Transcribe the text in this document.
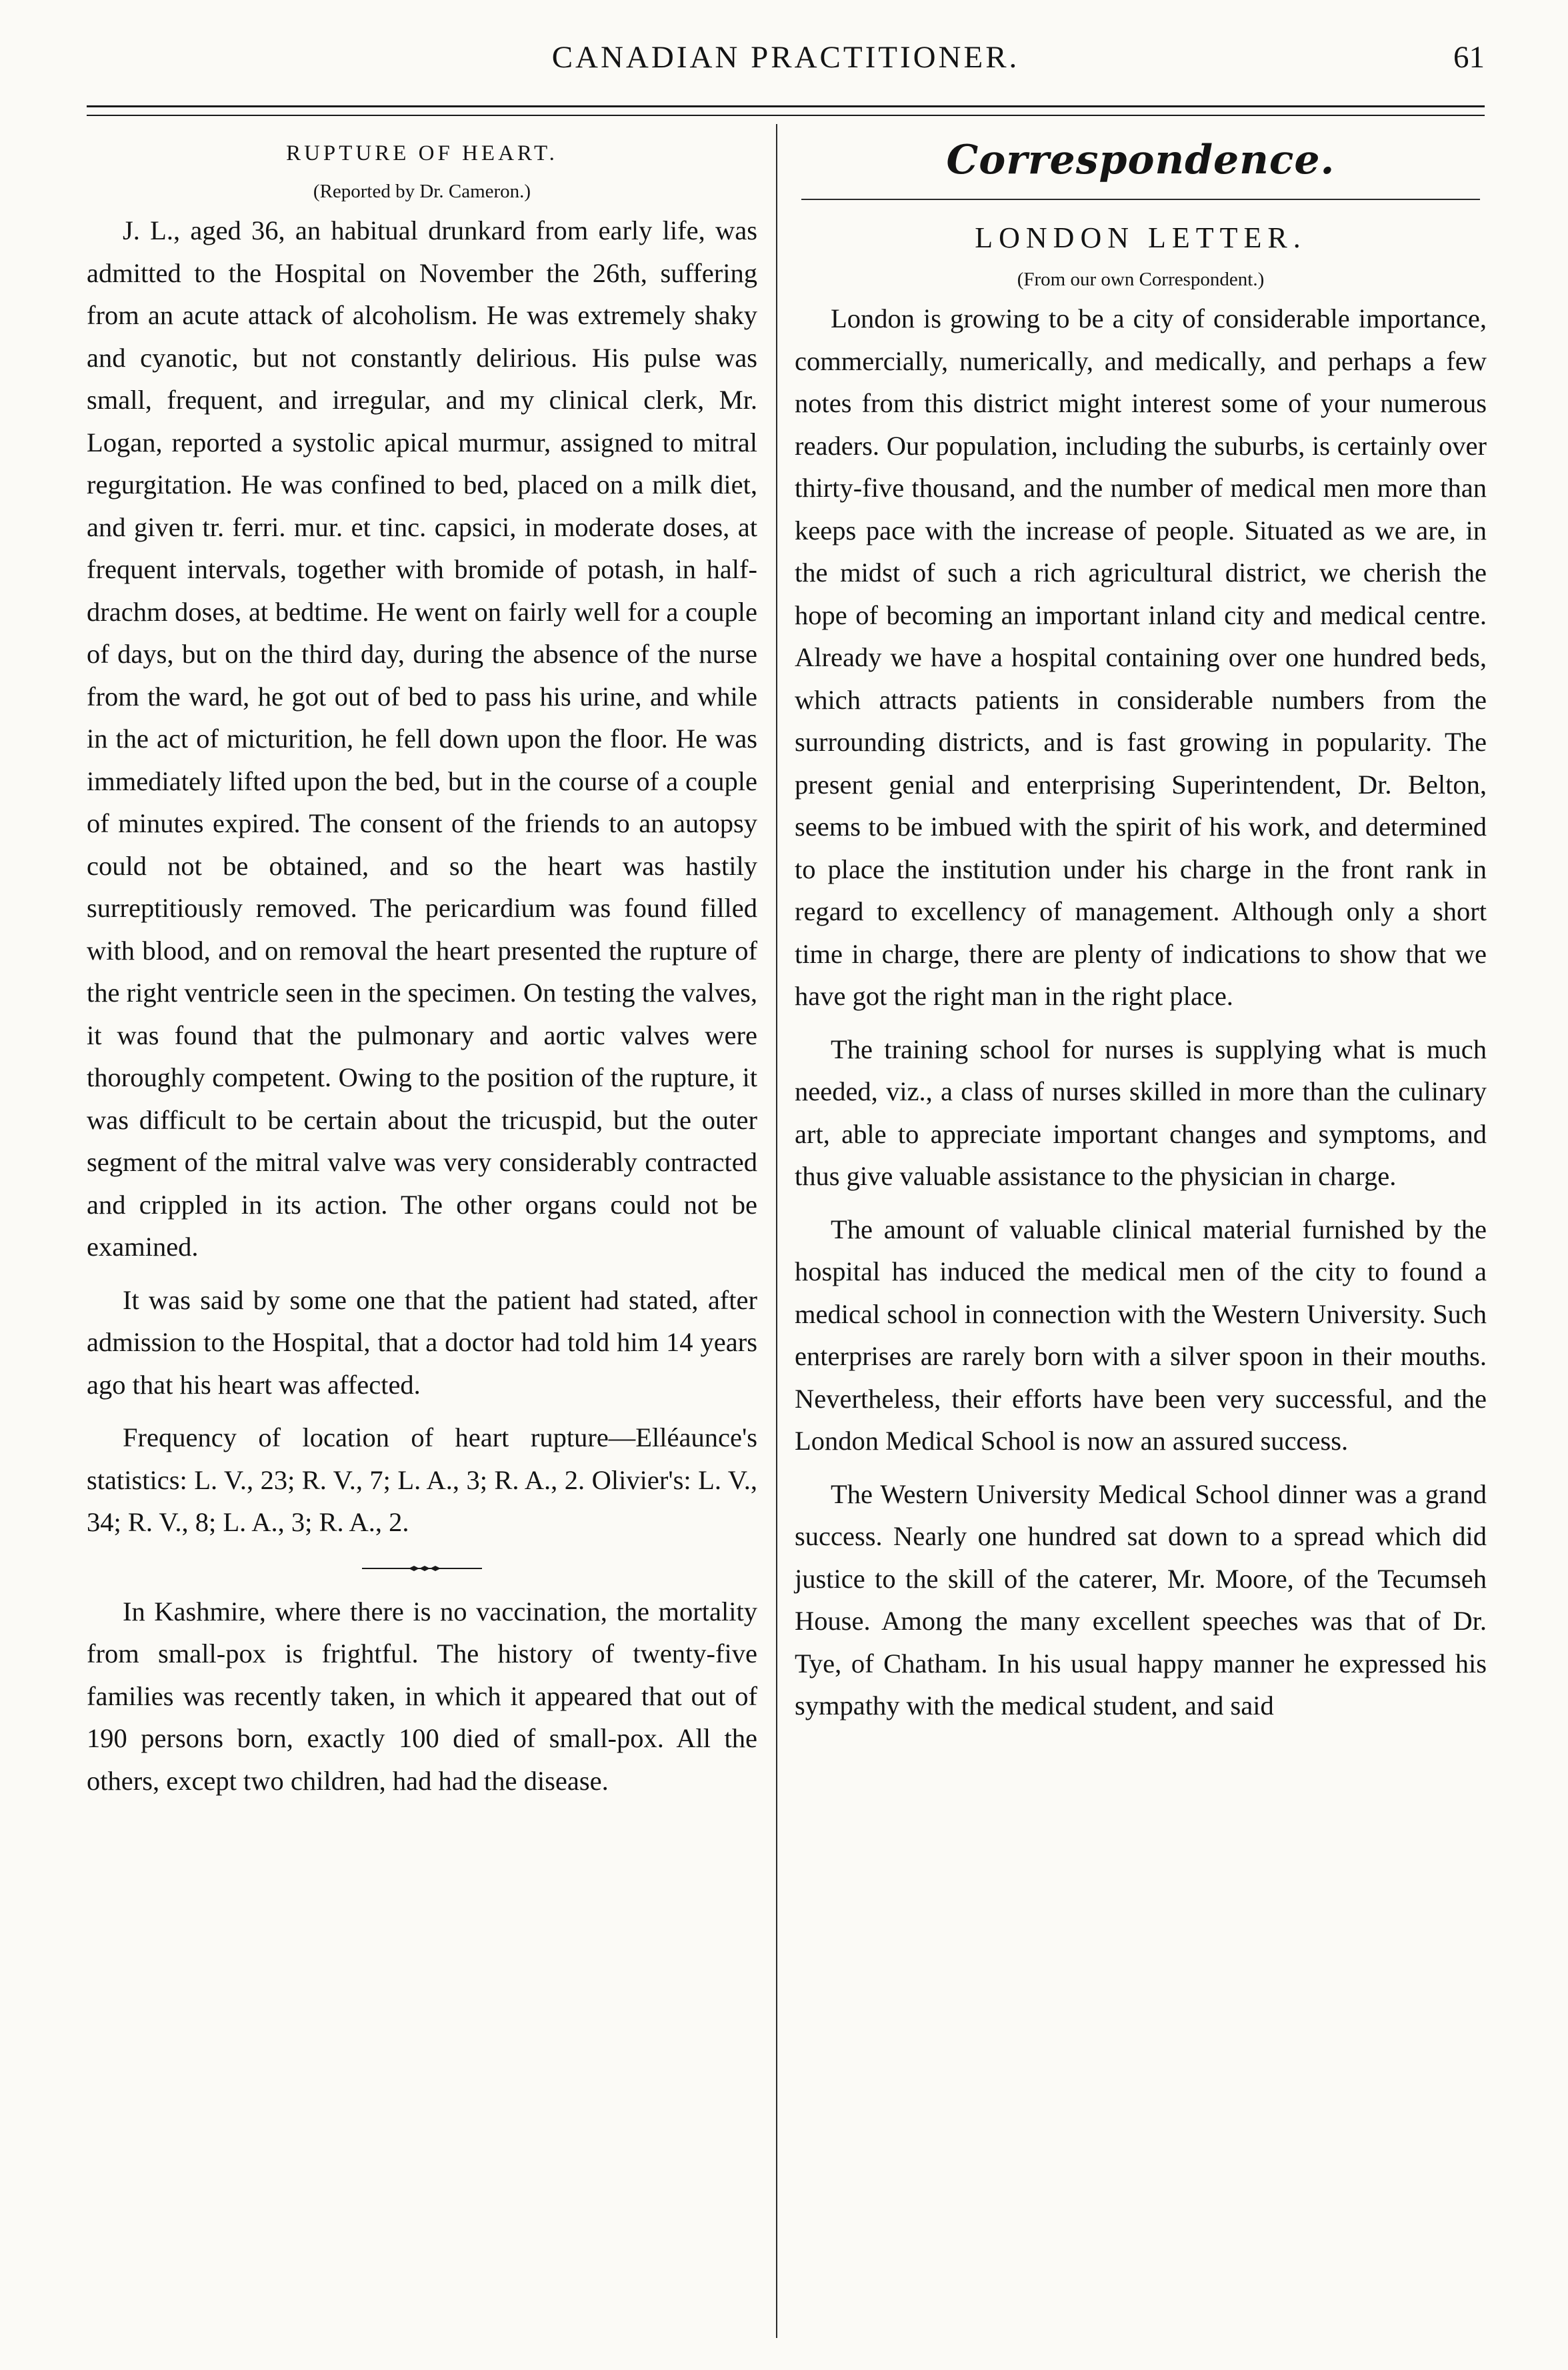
CANADIAN PRACTITIONER.	61
RUPTURE OF HEART.
(Reported by Dr. Cameron.)

J. L., aged 36, an habitual drunkard from early life, was admitted to the Hospital on November the 26th, suffering from an acute attack of alcoholism. He was extremely shaky and cyanotic, but not constantly delirious. His pulse was small, frequent, and irregular, and my clinical clerk, Mr. Logan, reported a systolic apical murmur, assigned to mitral regurgitation. He was confined to bed, placed on a milk diet, and given tr. ferri. mur. et tinc. capsici, in moderate doses, at frequent intervals, together with bromide of potash, in half-drachm doses, at bedtime. He went on fairly well for a couple of days, but on the third day, during the absence of the nurse from the ward, he got out of bed to pass his urine, and while in the act of micturition, he fell down upon the floor. He was immediately lifted upon the bed, but in the course of a couple of minutes expired. The consent of the friends to an autopsy could not be obtained, and so the heart was hastily surreptitiously removed. The pericardium was found filled with blood, and on removal the heart presented the rupture of the right ventricle seen in the specimen. On testing the valves, it was found that the pulmonary and aortic valves were thoroughly competent. Owing to the position of the rupture, it was difficult to be certain about the tricuspid, but the outer segment of the mitral valve was very considerably contracted and crippled in its action. The other organs could not be examined.

It was said by some one that the patient had stated, after admission to the Hospital, that a doctor had told him 14 years ago that his heart was affected.

Frequency of location of heart rupture—Elléaunce's statistics: L. V., 23; R. V., 7; L. A., 3; R. A., 2. Olivier's: L. V., 34; R. V., 8; L. A., 3; R. A., 2.

In Kashmire, where there is no vaccination, the mortality from small-pox is frightful. The history of twenty-five families was recently taken, in which it appeared that out of 190 persons born, exactly 100 died of small-pox. All the others, except two children, had had the disease.

Correspondence.
LONDON LETTER.
(From our own Correspondent.)

London is growing to be a city of considerable importance, commercially, numerically, and medically, and perhaps a few notes from this district might interest some of your numerous readers. Our population, including the suburbs, is certainly over thirty-five thousand, and the number of medical men more than keeps pace with the increase of people. Situated as we are, in the midst of such a rich agricultural district, we cherish the hope of becoming an important inland city and medical centre. Already we have a hospital containing over one hundred beds, which attracts patients in considerable numbers from the surrounding districts, and is fast growing in popularity. The present genial and enterprising Superintendent, Dr. Belton, seems to be imbued with the spirit of his work, and determined to place the institution under his charge in the front rank in regard to excellency of management. Although only a short time in charge, there are plenty of indications to show that we have got the right man in the right place.

The training school for nurses is supplying what is much needed, viz., a class of nurses skilled in more than the culinary art, able to appreciate important changes and symptoms, and thus give valuable assistance to the physician in charge.

The amount of valuable clinical material furnished by the hospital has induced the medical men of the city to found a medical school in connection with the Western University. Such enterprises are rarely born with a silver spoon in their mouths. Nevertheless, their efforts have been very successful, and the London Medical School is now an assured success.

The Western University Medical School dinner was a grand success. Nearly one hundred sat down to a spread which did justice to the skill of the caterer, Mr. Moore, of the Tecumseh House. Among the many excellent speeches was that of Dr. Tye, of Chatham. In his usual happy manner he expressed his sympathy with the medical student, and said
